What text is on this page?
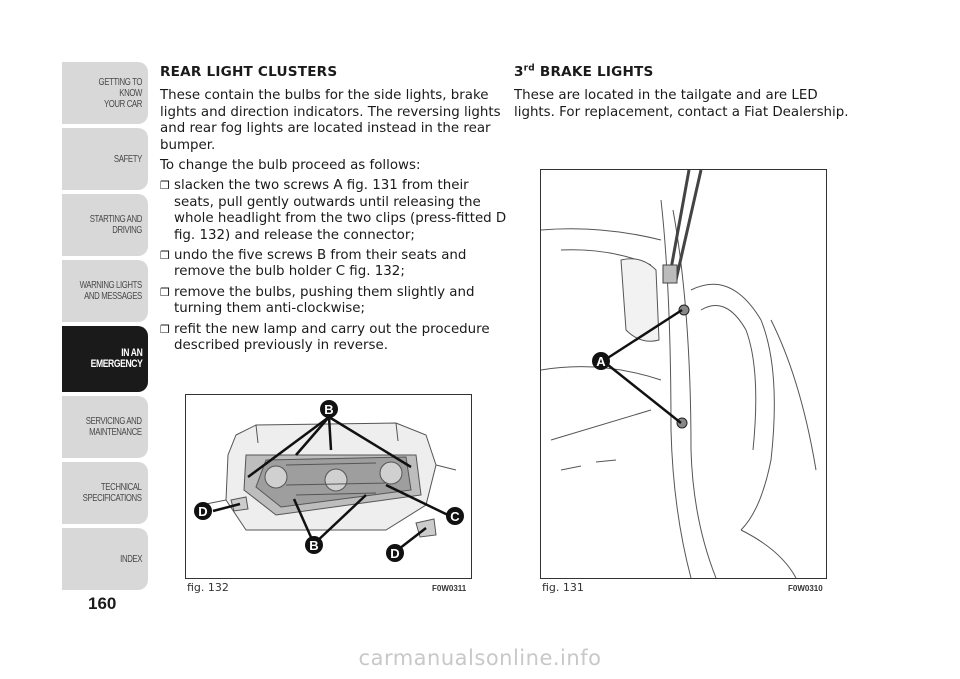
GETTING TO KNOW
YOUR CAR
SAFETY
STARTING AND
DRIVING
WARNING LIGHTS
AND MESSAGES
IN AN
EMERGENCY
SERVICING AND
MAINTENANCE
TECHNICAL
SPECIFICATIONS
INDEX
160
REAR LIGHT CLUSTERS

These contain the bulbs for the side lights, brake lights and direction indicators. The reversing lights and rear fog lights are located instead in the rear bumper.

To change the bulb proceed as follows:

❒ slacken the two screws A fig. 131 from their seats, pull gently outwards until releasing the whole headlight from the two clips (press-fitted D fig. 132) and release the connector;
❒ undo the five screws B from their seats and remove the bulb holder C fig. 132;
❒ remove the bulbs, pushing them slightly and turning them anti-clockwise;
❒ refit the new lamp and carry out the procedure described previously in reverse.
3rd BRAKE LIGHTS

These are located in the tailgate and are LED lights. For replacement, contact a Fiat Dealership.

B
D	C
B
D
fig. 132	F0W0311
A
fig. 131	F0W0310
carmanualsonline.info
